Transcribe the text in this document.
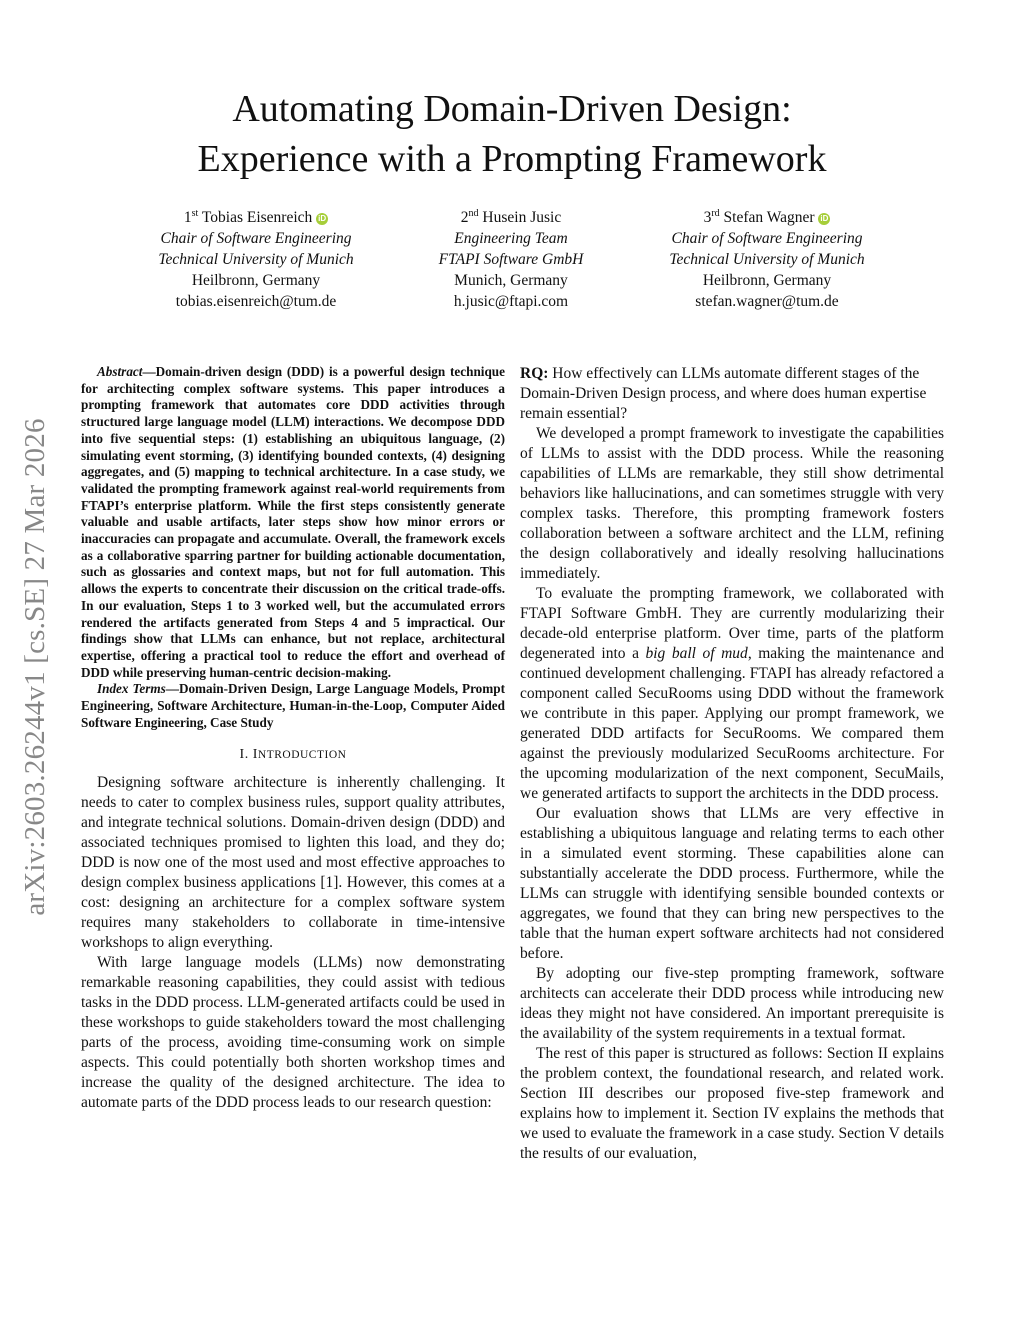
Automating Domain-Driven Design:
Experience with a Prompting Framework
1st Tobias Eisenreich iD
Chair of Software Engineering
Technical University of Munich
Heilbronn, Germany
tobias.eisenreich@tum.de
2nd Husein Jusic
Engineering Team
FTAPI Software GmbH
Munich, Germany
h.jusic@ftapi.com
3rd Stefan Wagner iD
Chair of Software Engineering
Technical University of Munich
Heilbronn, Germany
stefan.wagner@tum.de
arXiv:2603.26244v1 [cs.SE] 27 Mar 2026

Abstract—Domain-driven design (DDD) is a powerful design technique for architecting complex software systems. This paper introduces a prompting framework that automates core DDD activities through structured large language model (LLM) interactions. We decompose DDD into five sequential steps: (1) establishing an ubiquitous language, (2) simulating event storming, (3) identifying bounded contexts, (4) designing aggregates, and (5) mapping to technical architecture. In a case study, we validated the prompting framework against real-world requirements from FTAPI’s enterprise platform. While the first steps consistently generate valuable and usable artifacts, later steps show how minor errors or inaccuracies can propagate and accumulate. Overall, the framework excels as a collaborative sparring partner for building actionable documentation, such as glossaries and context maps, but not for full automation. This allows the experts to concentrate their discussion on the critical trade-offs. In our evaluation, Steps 1 to 3 worked well, but the accumulated errors rendered the artifacts generated from Steps 4 and 5 impractical. Our findings show that LLMs can enhance, but not replace, architectural expertise, offering a practical tool to reduce the effort and overhead of DDD while preserving human-centric decision-making.

Index Terms—Domain-Driven Design, Large Language Models, Prompt Engineering, Software Architecture, Human-in-the-Loop, Computer Aided Software Engineering, Case Study

I. INTRODUCTION

Designing software architecture is inherently challenging. It needs to cater to complex business rules, support quality attributes, and integrate technical solutions. Domain-driven design (DDD) and associated techniques promised to lighten this load, and they do; DDD is now one of the most used and most effective approaches to design complex business applications [1]. However, this comes at a cost: designing an architecture for a complex software system requires many stakeholders to collaborate in time-intensive workshops to align everything.

With large language models (LLMs) now demonstrating remarkable reasoning capabilities, they could assist with tedious tasks in the DDD process. LLM-generated artifacts could be used in these workshops to guide stakeholders toward the most challenging parts of the process, avoiding time-consuming work on simple aspects. This could potentially both shorten workshop times and increase the quality of the designed architecture. The idea to automate parts of the DDD process leads to our research question:

RQ: How effectively can LLMs automate different stages of the Domain-Driven Design process, and where does human expertise remain essential?

We developed a prompt framework to investigate the capabilities of LLMs to assist with the DDD process. While the reasoning capabilities of LLMs are remarkable, they still show detrimental behaviors like hallucinations, and can sometimes struggle with very complex tasks. Therefore, this prompting framework fosters collaboration between a software architect and the LLM, refining the design collaboratively and ideally resolving hallucinations immediately.

To evaluate the prompting framework, we collaborated with FTAPI Software GmbH. They are currently modularizing their decade-old enterprise platform. Over time, parts of the platform degenerated into a big ball of mud, making the maintenance and continued development challenging. FTAPI has already refactored a component called SecuRooms using DDD without the framework we contribute in this paper. Applying our prompt framework, we generated DDD artifacts for SecuRooms. We compared them against the previously modularized SecuRooms architecture. For the upcoming modularization of the next component, SecuMails, we generated artifacts to support the architects in the DDD process.

Our evaluation shows that LLMs are very effective in establishing a ubiquitous language and relating terms to each other in a simulated event storming. These capabilities alone can substantially accelerate the DDD process. Furthermore, while the LLMs can struggle with identifying sensible bounded contexts or aggregates, we found that they can bring new perspectives to the table that the human expert software architects had not considered before.

By adopting our five-step prompting framework, software architects can accelerate their DDD process while introducing new ideas they might not have considered. An important prerequisite is the availability of the system requirements in a textual format.

The rest of this paper is structured as follows: Section II explains the problem context, the foundational research, and related work. Section III describes our proposed five-step framework and explains how to implement it. Section IV explains the methods that we used to evaluate the framework in a case study. Section V details the results of our evaluation,
